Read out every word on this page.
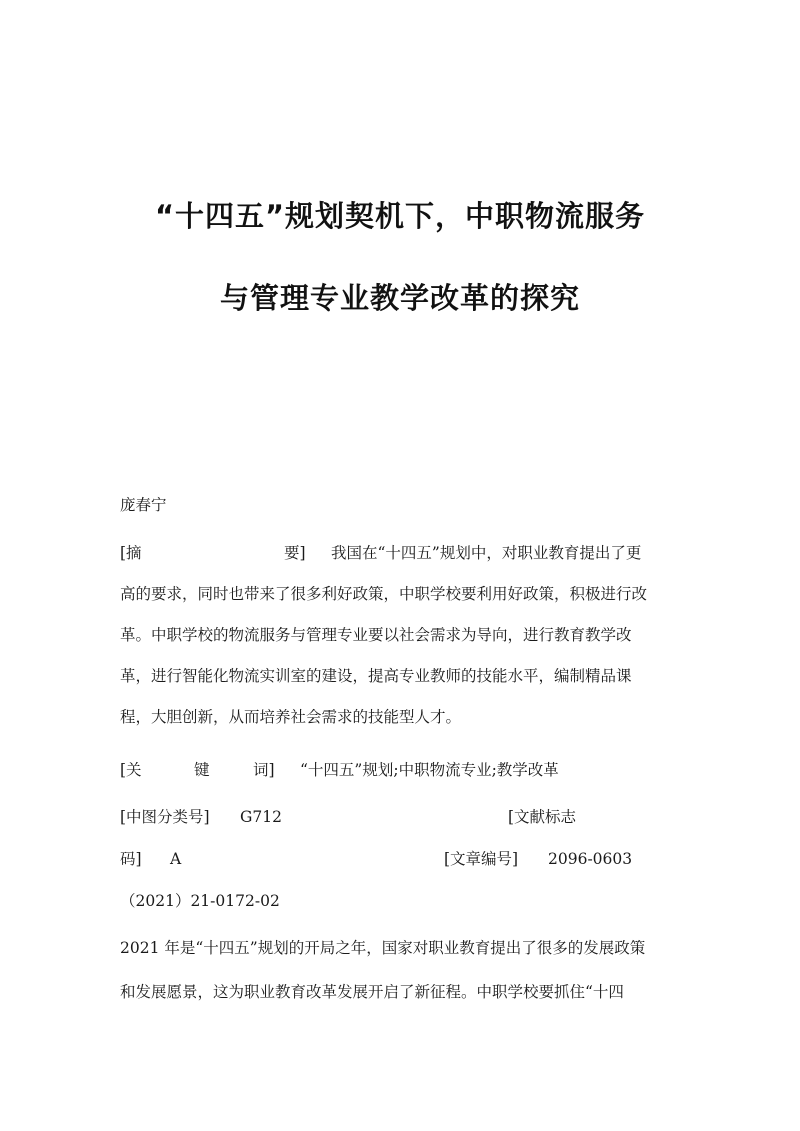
“十四五”规划契机下，中职物流服务
与管理专业教学改革的探究
庞春宁
[摘	要] 我国在“十四五”规划中，对职业教育提出了更
高的要求，同时也带来了很多利好政策，中职学校要利用好政策，积极进行改
革。中职学校的物流服务与管理专业要以社会需求为导向，进行教育教学改
革，进行智能化物流实训室的建设，提高专业教师的技能水平，编制精品课
程，大胆创新，从而培养社会需求的技能型人才。
[关	键	词] “十四五”规划;中职物流专业;教学改革
[中图分类号] G712	[文献标志
码] A	[文章编号] 2096-0603
（2021）21-0172-02
2021 年是“十四五”规划的开局之年，国家对职业教育提出了很多的发展政策
和发展愿景，这为职业教育改革发展开启了新征程。中职学校要抓住“十四
